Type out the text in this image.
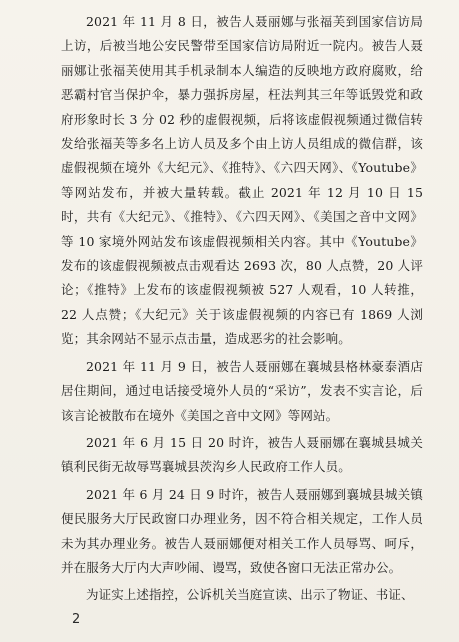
2021 年 11 月 8 日，被告人聂丽娜与张福芙到国家信访局上访，后被当地公安民警带至国家信访局附近一院内。被告人聂丽娜让张福芙使用其手机录制本人编造的反映地方政府腐败，给恶霸村官当保护伞，暴力强拆房屋，枉法判其三年等诋毁党和政府形象时长 3 分 02 秒的虚假视频，后将该虚假视频通过微信转发给张福芙等多名上访人员及多个由上访人员组成的微信群，该虚假视频在境外《大纪元》、《推特》、《六四天网》、《Youtube》等网站发布，并被大量转载。截止 2021 年 12 月 10 日 15 时，共有《大纪元》、《推特》、《六四天网》、《美国之音中文网》等 10 家境外网站发布该虚假视频相关内容。其中《Youtube》发布的该虚假视频被点击观看达 2693 次，80 人点赞，20 人评论；《推特》上发布的该虚假视频被 527 人观看，10 人转推，22 人点赞；《大纪元》关于该虚假视频的内容已有 1869 人浏览；其余网站不显示点击量，造成恶劣的社会影响。

2021 年 11 月 9 日，被告人聂丽娜在襄城县格林豪泰酒店居住期间，通过电话接受境外人员的“采访”，发表不实言论，后该言论被散布在境外《美国之音中文网》等网站。

2021 年 6 月 15 日 20 时许，被告人聂丽娜在襄城县城关镇利民街无故辱骂襄城县茨沟乡人民政府工作人员。

2021 年 6 月 24 日 9 时许，被告人聂丽娜到襄城县城关镇便民服务大厅民政窗口办理业务，因不符合相关规定，工作人员未为其办理业务。被告人聂丽娜便对相关工作人员辱骂、呵斥，并在服务大厅内大声吵闹、谩骂，致使各窗口无法正常办公。

为证实上述指控，公诉机关当庭宣读、出示了物证、书证、

2
